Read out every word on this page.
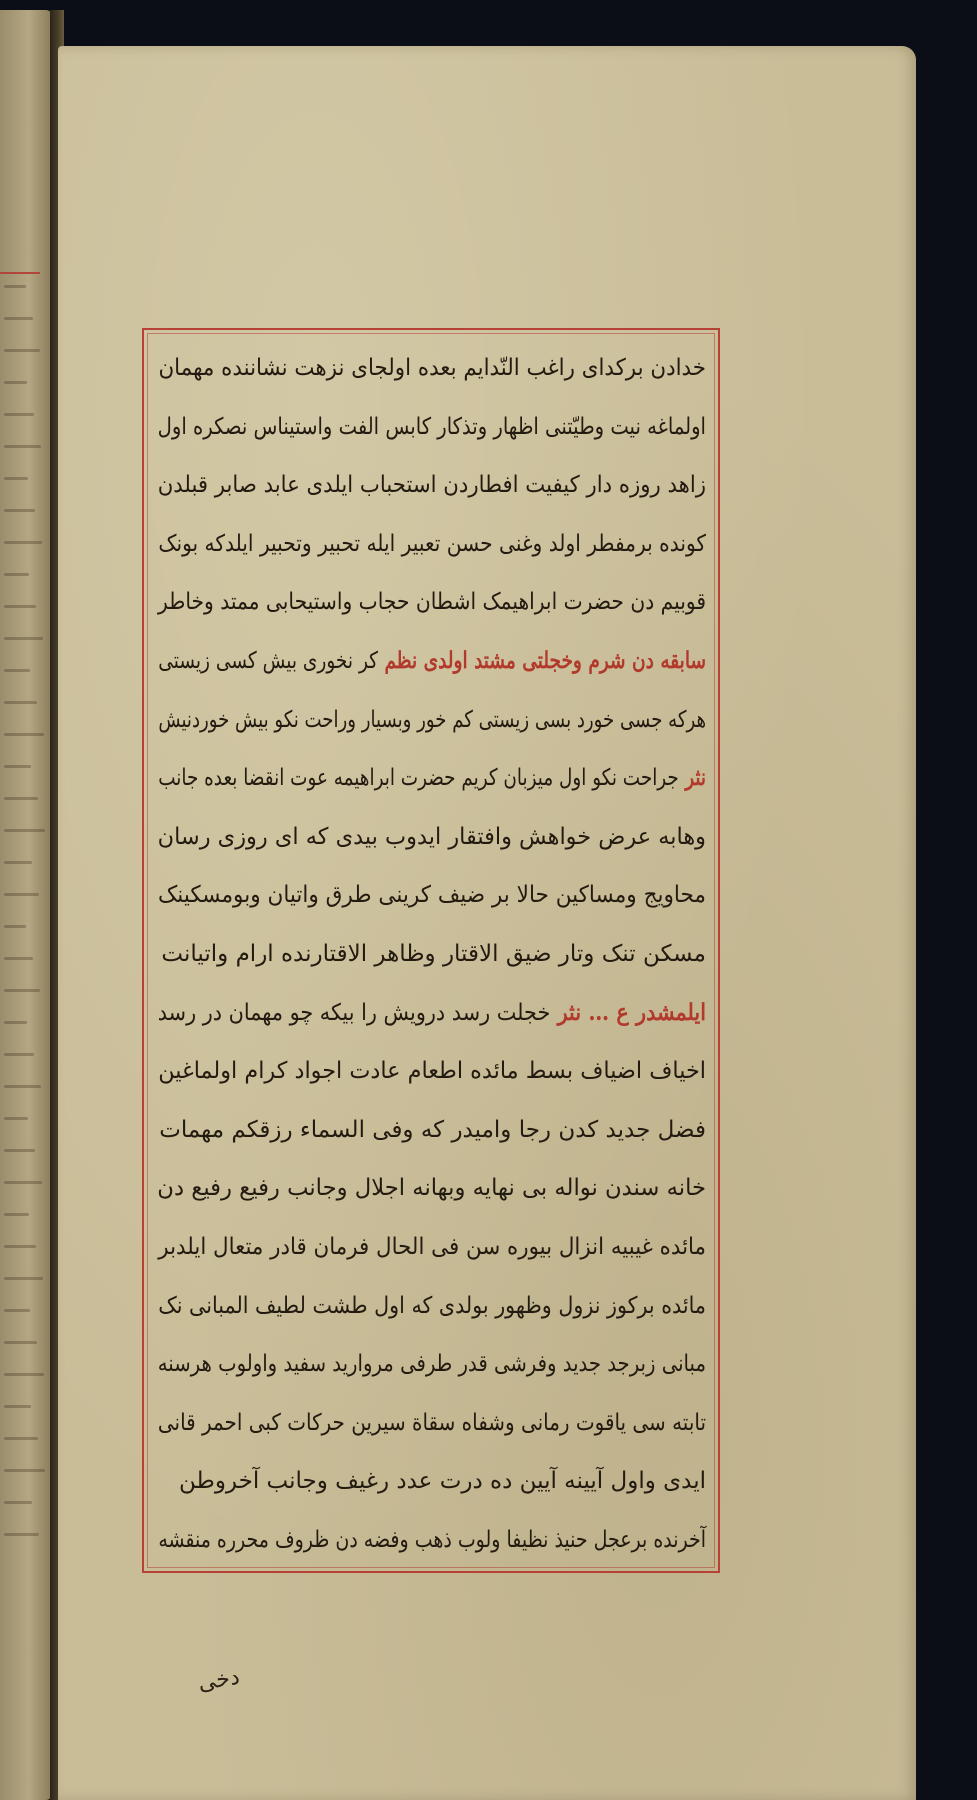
خدادن برکدای راغب النّدایم بعده اولجای نزهت نشاننده مهمان
اولماغه نیت وطیّتنی اظهار وتذکار کابس الفت واستیناس نصکره اول
زاهد روزه دار کیفیت افطاردن استحباب ایلدی عابد صابر قبلدن
کونده برمفطر اولد وغنی حسن تعبیر ایله تحبیر وتحبیر ایلدکه بونک
قوبیم دن حضرت ابراهیمک اشطان حجاب واستیحابی ممتد وخاطر
سابقه دن شرم وخجلتی مشتد اولدی نظم کر نخوری بیش کسی زیستی
هرکه جسی خورد بسی زیستی کم خور وبسیار وراحت نکو بیش خوردنیش
نثر جراحت نکو اول میزبان کریم حضرت ابراهیمه عوت انقضا بعده جانب
وهابه عرض خواهش وافتقار ایدوب بیدی که ای روزی رسان
محاویج ومساکین حالا بر ضیف کرینی طرق واتیان وبومسکینک
مسکن تنک وتار ضیق الاقتار وظاهر الاقتارنده ارام واتیانت
ایلمشدر ع … نثر خجلت رسد درویش را بیکه چو مهمان در رسد
اخیاف اضیاف بسط مائده اطعام عادت اجواد کرام اولماغین
فضل جدید کدن رجا وامیدر که وفی السماء رزقکم مهمات
خانه سندن نواله بی نهایه وبهانه اجلال وجانب رفیع رفیع دن
مائده غیبیه انزال بیوره سن فی الحال فرمان قادر متعال ایلدبر
مائده برکوز نزول وظهور بولدی که اول طشت لطیف المبانی نک
مبانی زبرجد جدید وفرشی قدر طرفی مروارید سفید واولوب هرسنه
تابته سی یاقوت رمانی وشفاه سقاة سیرین حرکات کبی احمر قانی
ایدی واول آیینه آیین ده درت عدد رغیف وجانب آخروطن
آخرنده برعجل حنیذ نظیفا ولوب ذهب وفضه دن ظروف محرره منقشه
دخی
